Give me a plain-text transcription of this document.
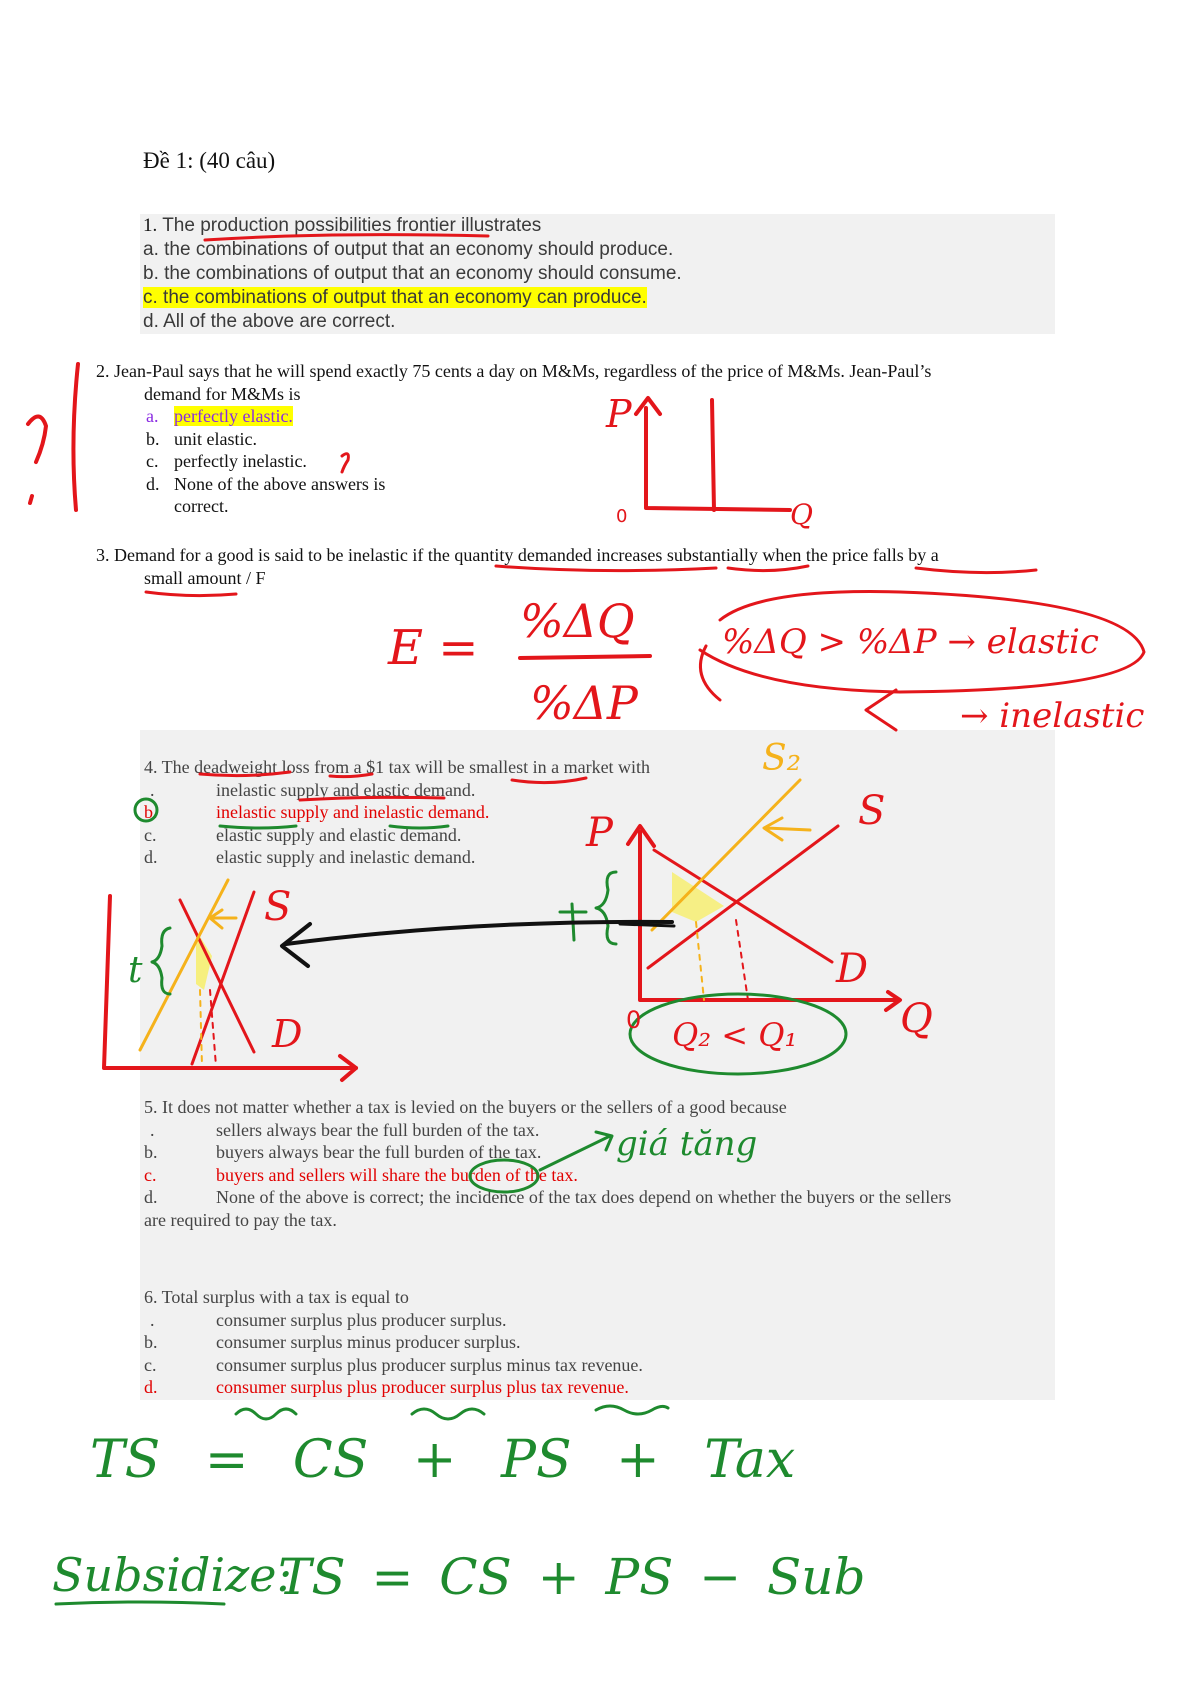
Đề 1: (40 câu)
1. The production possibilities frontier illustrates
a. the combinations of output that an economy should produce.
b. the combinations of output that an economy should consume.
c. the combinations of output that an economy can produce.
d. All of the above are correct.
2. Jean-Paul says that he will spend exactly 75 cents a day on M&Ms, regardless of the price of M&Ms. Jean-Paul’s
demand for M&Ms is
a. perfectly elastic.
b. unit elastic.
c. perfectly inelastic.
d. None of the above answers is
correct.
3. Demand for a good is said to be inelastic if the quantity demanded increases substantially when the price falls by a
small amount / F
4. The deadweight loss from a $1 tax will be smallest in a market with
.	inelastic supply and elastic demand.
b.	inelastic supply and inelastic demand.
c.	elastic supply and elastic demand.
d.	elastic supply and inelastic demand.
5. It does not matter whether a tax is levied on the buyers or the sellers of a good because
.	sellers always bear the full burden of the tax.
b.	buyers always bear the full burden of the tax.
c.	buyers and sellers will share the burden of the tax.
d.	None of the above is correct; the incidence of the tax does depend on whether the buyers or the sellers
are required to pay the tax.
6. Total surplus with a tax is equal to
.	consumer surplus plus producer surplus.
b.	consumer surplus minus producer surplus.
c.	consumer surplus plus producer surplus minus tax revenue.
d.	consumer surplus plus producer surplus plus tax revenue.
P
Q
0
E = %ΔQ
%ΔP
%ΔQ > %ΔP → elastic
→ inelastic
S₂
S
P
D
Q
0 Q₂ < Q₁
S
D
t
giá tăng
TS = CS + PS + Tax
Subsidize:
TS = CS + PS − Sub
